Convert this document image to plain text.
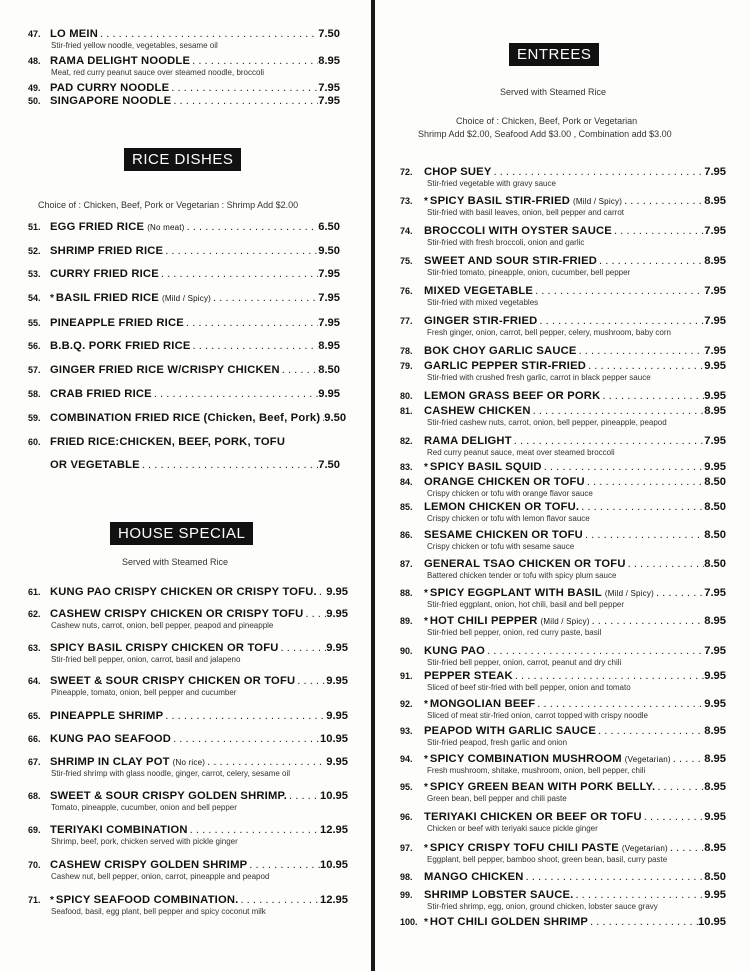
47. LO MEIN . . .	7.50
Stir-fried yellow noodle, vegetables, sesame oil
48. RAMA DELIGHT NOODLE . . .	8.95
Meat, red curry peanut sauce over steamed noodle, broccoli
49. PAD CURRY NOODLE . . .	7.95
50. SINGAPORE NOODLE . . .	7.95
RICE DISHES
Choice of : Chicken, Beef, Pork or Vegetarian : Shrimp Add $2.00
51. EGG FRIED RICE (No meat) . . .	6.50
52. SHRIMP FRIED RICE . . .	9.50
53. CURRY FRIED RICE . . .	7.95
54. * BASIL FRIED RICE (Mild / Spicy) . . .	7.95
55. PINEAPPLE FRIED RICE . . .	7.95
56. B.B.Q. PORK FRIED RICE . . .	8.95
57. GINGER FRIED RICE W/CRISPY CHICKEN . . .	8.50
58. CRAB FRIED RICE . . .	9.95
59. COMBINATION FRIED RICE (Chicken, Beef, Pork) . . . 9.50
60. FRIED RICE:CHICKEN, BEEF, PORK, TOFU
OR VEGETABLE . . .	7.50
HOUSE SPECIAL
Served with Steamed Rice
61. KUNG PAO CRISPY CHICKEN OR CRISPY TOFU. . . . 9.95
62. CASHEW CRISPY CHICKEN OR CRISPY TOFU . . . 9.95
Cashew nuts, carrot, onion, bell pepper, peapod and pineapple
63. SPICY BASIL CRISPY CHICKEN OR TOFU . . .	9.95
Stir-fried bell pepper, onion, carrot, basil and jalapeno
64. SWEET & SOUR CRISPY CHICKEN OR TOFU . . .	9.95
Pineapple, tomato, onion, bell pepper and cucumber
65. PINEAPPLE SHRIMP . . .	9.95
66. KUNG PAO SEAFOOD . . .	10.95
67. SHRIMP IN CLAY POT (No rice) . . .	9.95
Stir-fried shrimp with glass noodle, ginger, carrot, celery, sesame oil
68. SWEET & SOUR CRISPY GOLDEN SHRIMP. . . .	10.95
Tomato, pineapple, cucumber, onion and bell pepper
69. TERIYAKI COMBINATION . . .	12.95
Shrimp, beef, pork, chicken served with pickle ginger
70. CASHEW CRISPY GOLDEN SHRIMP . . .	10.95
Cashew nut, bell pepper, onion, carrot, pineapple and peapod
71. * SPICY SEAFOOD COMBINATION. . . .	12.95
Seafood, basil, egg plant, bell pepper and spicy coconut milk
ENTREES
Served with Steamed Rice
Choice of : Chicken, Beef, Pork or Vegetarian
Shrimp Add $2.00, Seafood Add $3.00 , Combination add $3.00
72.	CHOP SUEY . . .	7.95
Stir-fried vegetable with gravy sauce
73.	* SPICY BASIL STIR-FRIED (Mild / Spicy) . . .	8.95
Stir-fried with basil leaves, onion, bell pepper and carrot
74.	BROCCOLI WITH OYSTER SAUCE . . .	7.95
Stir-fried with fresh broccoli, onion and garlic
75.	SWEET AND SOUR STIR-FRIED . . .	8.95
Stir-fried tomato, pineapple, onion, cucumber, bell pepper
76.	MIXED VEGETABLE . . .	7.95
Stir-fried with mixed vegetables
77.	GINGER STIR-FRIED . . .	7.95
Fresh ginger, onion, carrot, bell pepper, celery, mushroom, baby corn
78.	BOK CHOY GARLIC SAUCE . . .	7.95
79.	GARLIC PEPPER STIR-FRIED . . .	9.95
Stir-fried with crushed fresh garlic, carrot in black pepper sauce
80.	LEMON GRASS BEEF OR PORK . . .	9.95
81.	CASHEW CHICKEN . . .	8.95
Stir-fried cashew nuts, carrot, onion, bell pepper, pineapple, peapod
82.	RAMA DELIGHT . . .	7.95
Red curry peanut sauce, meat over steamed broccoli
83.	* SPICY BASIL SQUID . . .	9.95
84.	ORANGE CHICKEN OR TOFU . . .	8.50
Crispy chicken or tofu with orange flavor sauce
85.	LEMON CHICKEN OR TOFU. . . .	8.50
Crispy chicken or tofu with lemon flavor sauce
86.	SESAME CHICKEN OR TOFU . . .	8.50
Crispy chicken or tofu with sesame sauce
87.	GENERAL TSAO CHICKEN OR TOFU . . .	8.50
Battered chicken tender or tofu with spicy plum sauce
88.	* SPICY EGGPLANT WITH BASIL (Mild / Spicy) . . .	7.95
Stir-fried eggplant, onion, hot chili, basil and bell pepper
89.	* HOT CHILI PEPPER (Mild / Spicy) . . .	8.95
Stir-fried bell pepper, onion, red curry paste, basil
90.	KUNG PAO . . .	7.95
Stir-fried bell pepper, onion, carrot, peanut and dry chili
91.	PEPPER STEAK . . .	9.95
Sliced of beef stir-fried with bell pepper, onion and tomato
92.	* MONGOLIAN BEEF . . .	9.95
Sliced of meat stir-fried onion, carrot topped with crispy noodle
93.	PEAPOD WITH GARLIC SAUCE . . .	8.95
Stir-fried peapod, fresh garlic and onion
94.	* SPICY COMBINATION MUSHROOM (Vegetarian) . . .	8.95
Fresh mushroom, shitake, mushroom, onion, bell pepper, chili
95.	* SPICY GREEN BEAN WITH PORK BELLY. . . .	8.95
Green bean, bell pepper and chili paste
96.	TERIYAKI CHICKEN OR BEEF OR TOFU . . .	9.95
Chicken or beef with teriyaki sauce pickle ginger
97.	* SPICY CRISPY TOFU CHILI PASTE (Vegetarian) . . .	8.95
Eggplant, bell pepper, bamboo shoot, green bean, basil, curry paste
98.	MANGO CHICKEN . . .	8.50
99.	SHRIMP LOBSTER SAUCE. . . .	9.95
Stir-fried shrimp, egg, onion, ground chicken, lobster sauce gravy
100. * HOT CHILI GOLDEN SHRIMP . . .	10.95
